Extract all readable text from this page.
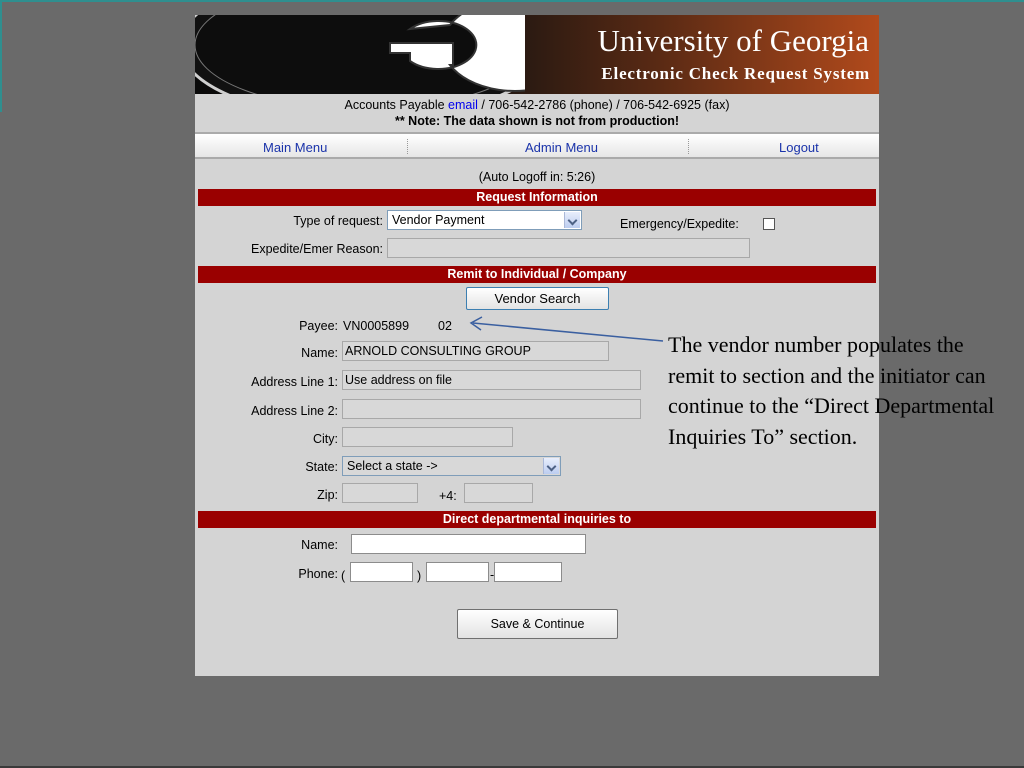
University of Georgia
Electronic Check Request System
Accounts Payable email / 706-542-2786 (phone) / 706-542-6925 (fax)
** Note: The data shown is not from production!
Main Menu	Admin Menu	Logout
(Auto Logoff in: 5:26)
Request Information
Type of request: Vendor Payment	Emergency/Expedite:
Expedite/Emer Reason:
Remit to Individual / Company
Vendor Search
Payee: VN0005899 02
Name: ARNOLD CONSULTING GROUP
Address Line 1: Use address on file
Address Line 2:
City:
State: Select a state ->
Zip:	+4:
Direct departmental inquiries to
Name:
Phone: (	)	-
Save & Continue
The vendor number populates the remit to section and the initiator can continue to the “Direct Departmental Inquiries To” section.
